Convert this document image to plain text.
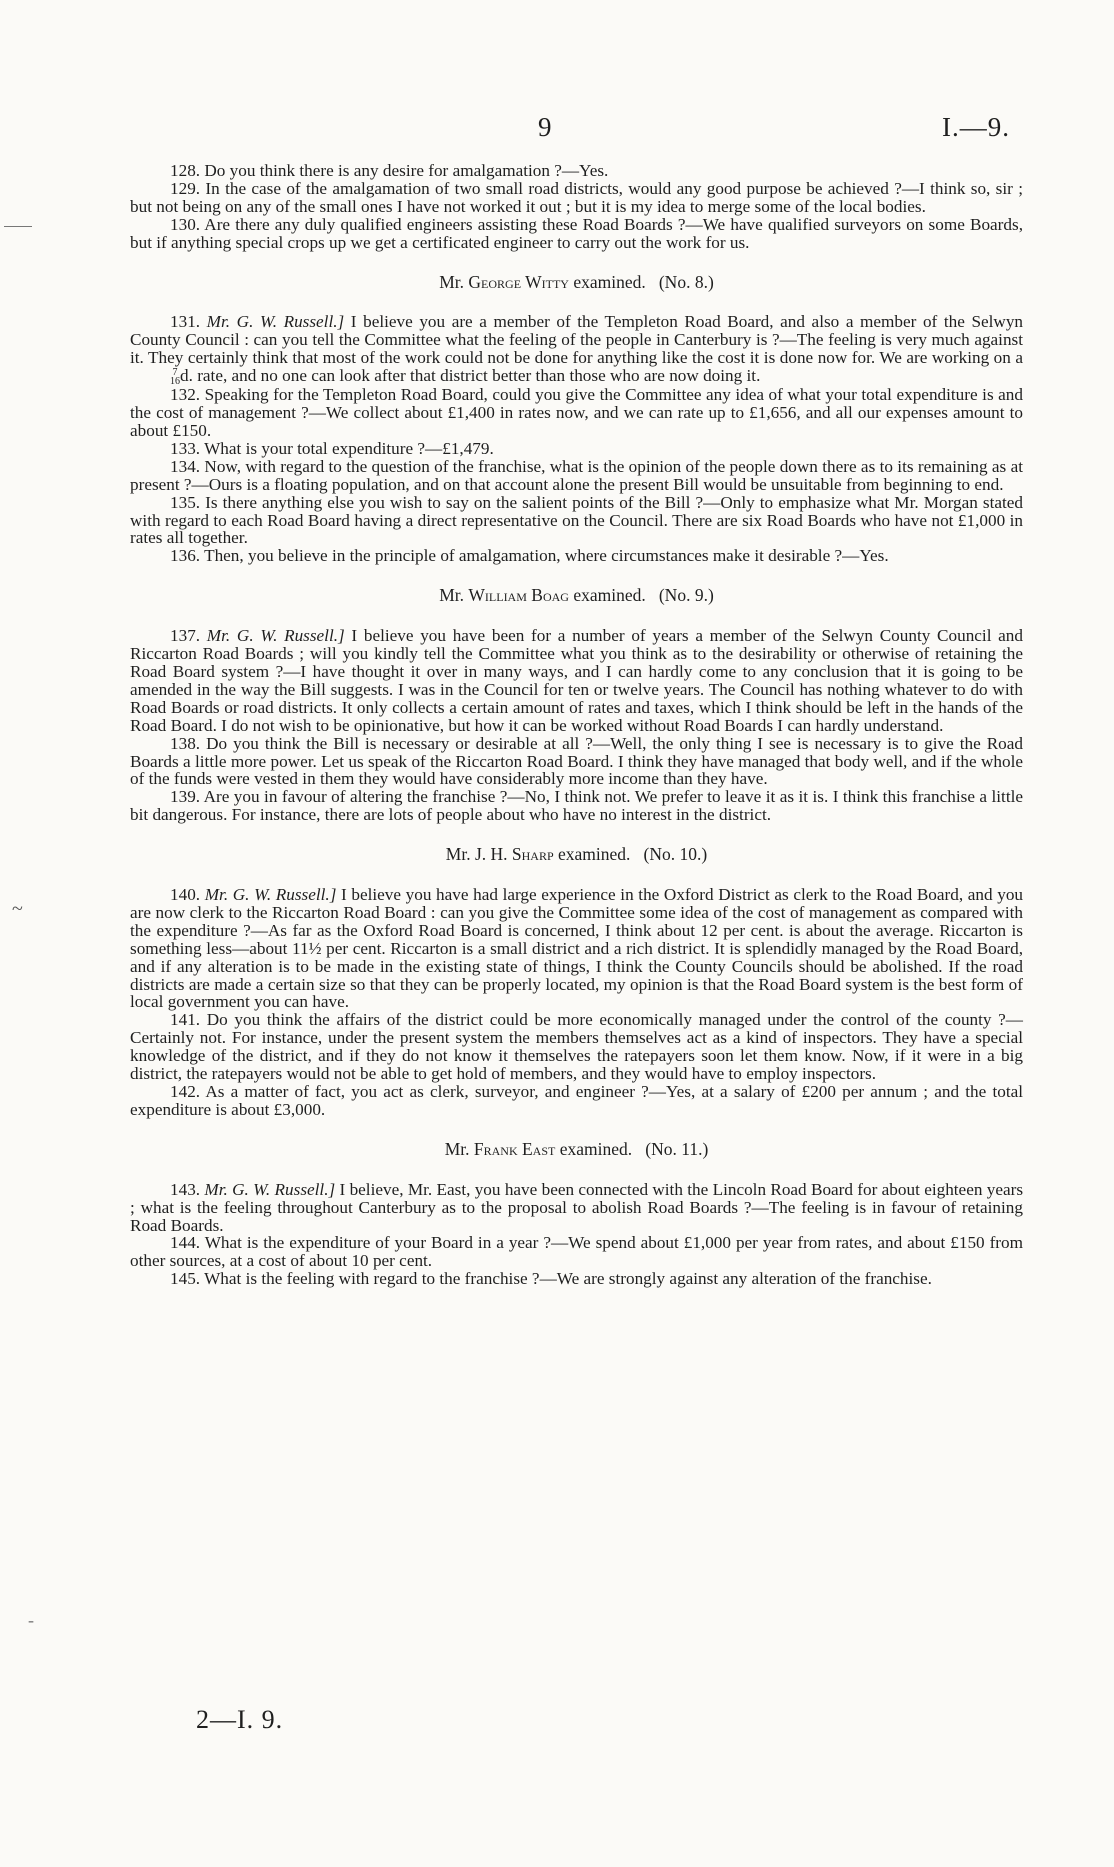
9	I.—9.
~
-

128. Do you think there is any desire for amalgamation ?—Yes.

129. In the case of the amalgamation of two small road districts, would any good purpose be achieved ?—I think so, sir ; but not being on any of the small ones I have not worked it out ; but it is my idea to merge some of the local bodies.

130. Are there any duly qualified engineers assisting these Road Boards ?—We have qualified surveyors on some Boards, but if anything special crops up we get a certificated engineer to carry out the work for us.

Mr. George Witty examined. (No. 8.)

131. Mr. G. W. Russell.] I believe you are a member of the Templeton Road Board, and also a member of the Selwyn County Council : can you tell the Committee what the feeling of the people in Canterbury is ?—The feeling is very much against it. They certainly think that most of the work could not be done for anything like the cost it is done now for. We are working on a
7
16 d. rate, and no one can look after that district better than those who are now doing it.

132. Speaking for the Templeton Road Board, could you give the Committee any idea of what your total expenditure is and the cost of management ?—We collect about £1,400 in rates now, and we can rate up to £1,656, and all our expenses amount to about £150.

133. What is your total expenditure ?—£1,479.

134. Now, with regard to the question of the franchise, what is the opinion of the people down there as to its remaining as at present ?—Ours is a floating population, and on that account alone the present Bill would be unsuitable from beginning to end.

135. Is there anything else you wish to say on the salient points of the Bill ?—Only to emphasize what Mr. Morgan stated with regard to each Road Board having a direct representative on the Council. There are six Road Boards who have not £1,000 in rates all together.

136. Then, you believe in the principle of amalgamation, where circumstances make it desirable ?—Yes.

Mr. William Boag examined. (No. 9.)

137. Mr. G. W. Russell.] I believe you have been for a number of years a member of the Selwyn County Council and Riccarton Road Boards ; will you kindly tell the Committee what you think as to the desirability or otherwise of retaining the Road Board system ?—I have thought it over in many ways, and I can hardly come to any conclusion that it is going to be amended in the way the Bill suggests. I was in the Council for ten or twelve years. The Council has nothing whatever to do with Road Boards or road districts. It only collects a certain amount of rates and taxes, which I think should be left in the hands of the Road Board. I do not wish to be opinionative, but how it can be worked without Road Boards I can hardly understand.

138. Do you think the Bill is necessary or desirable at all ?—Well, the only thing I see is necessary is to give the Road Boards a little more power. Let us speak of the Riccarton Road Board. I think they have managed that body well, and if the whole of the funds were vested in them they would have considerably more income than they have.

139. Are you in favour of altering the franchise ?—No, I think not. We prefer to leave it as it is. I think this franchise a little bit dangerous. For instance, there are lots of people about who have no interest in the district.

Mr. J. H. Sharp examined. (No. 10.)

140. Mr. G. W. Russell.] I believe you have had large experience in the Oxford District as clerk to the Road Board, and you are now clerk to the Riccarton Road Board : can you give the Committee some idea of the cost of management as compared with the expenditure ?—As far as the Oxford Road Board is concerned, I think about 12 per cent. is about the average. Riccarton is something less—about 11½ per cent. Riccarton is a small district and a rich district. It is splendidly managed by the Road Board, and if any alteration is to be made in the existing state of things, I think the County Councils should be abolished. If the road districts are made a certain size so that they can be properly located, my opinion is that the Road Board system is the best form of local government you can have.

141. Do you think the affairs of the district could be more economically managed under the control of the county ?—Certainly not. For instance, under the present system the members themselves act as a kind of inspectors. They have a special knowledge of the district, and if they do not know it themselves the ratepayers soon let them know. Now, if it were in a big district, the ratepayers would not be able to get hold of members, and they would have to employ inspectors.

142. As a matter of fact, you act as clerk, surveyor, and engineer ?—Yes, at a salary of £200 per annum ; and the total expenditure is about £3,000.

Mr. Frank East examined. (No. 11.)

143. Mr. G. W. Russell.] I believe, Mr. East, you have been connected with the Lincoln Road Board for about eighteen years ; what is the feeling throughout Canterbury as to the proposal to abolish Road Boards ?—The feeling is in favour of retaining Road Boards.

144. What is the expenditure of your Board in a year ?—We spend about £1,000 per year from rates, and about £150 from other sources, at a cost of about 10 per cent.

145. What is the feeling with regard to the franchise ?—We are strongly against any alteration of the franchise.

2—I. 9.
